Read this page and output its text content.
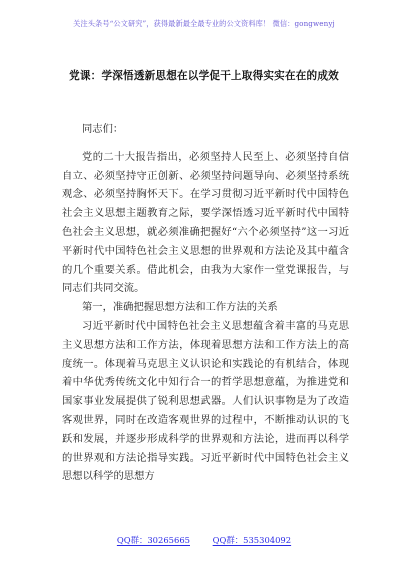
关注头条号“公文研究”，获得最新最全最专业的公文资料库！ 微信：gongwenyj
党课：学深悟透新思想在以学促干上取得实实在在的成效

同志们：

党的二十大报告指出，必须坚持人民至上、必须坚持自信自立、必须坚持守正创新、必须坚持问题导向、必须坚持系统观念、必须坚持胸怀天下。在学习贯彻习近平新时代中国特色社会主义思想主题教育之际，要学深悟透习近平新时代中国特色社会主义思想，就必须准确把握好“六个必须坚持”这一习近平新时代中国特色社会主义思想的世界观和方法论及其中蕴含的几个重要关系。借此机会，由我为大家作一堂党课报告，与同志们共同交流。

第一，准确把握思想方法和工作方法的关系

习近平新时代中国特色社会主义思想蕴含着丰富的马克思主义思想方法和工作方法，体现着思想方法和工作方法上的高度统一。体现着马克思主义认识论和实践论的有机结合，体现着中华优秀传统文化中知行合一的哲学思想意蕴，为推进党和国家事业发展提供了锐利思想武器。人们认识事物是为了改造客观世界，同时在改造客观世界的过程中，不断推动认识的飞跃和发展，并逐步形成科学的世界观和方法论，进而再以科学的世界观和方法论指导实践。习近平新时代中国特色社会主义思想以科学的思想方

QQ群：30265665	QQ群：535304092
